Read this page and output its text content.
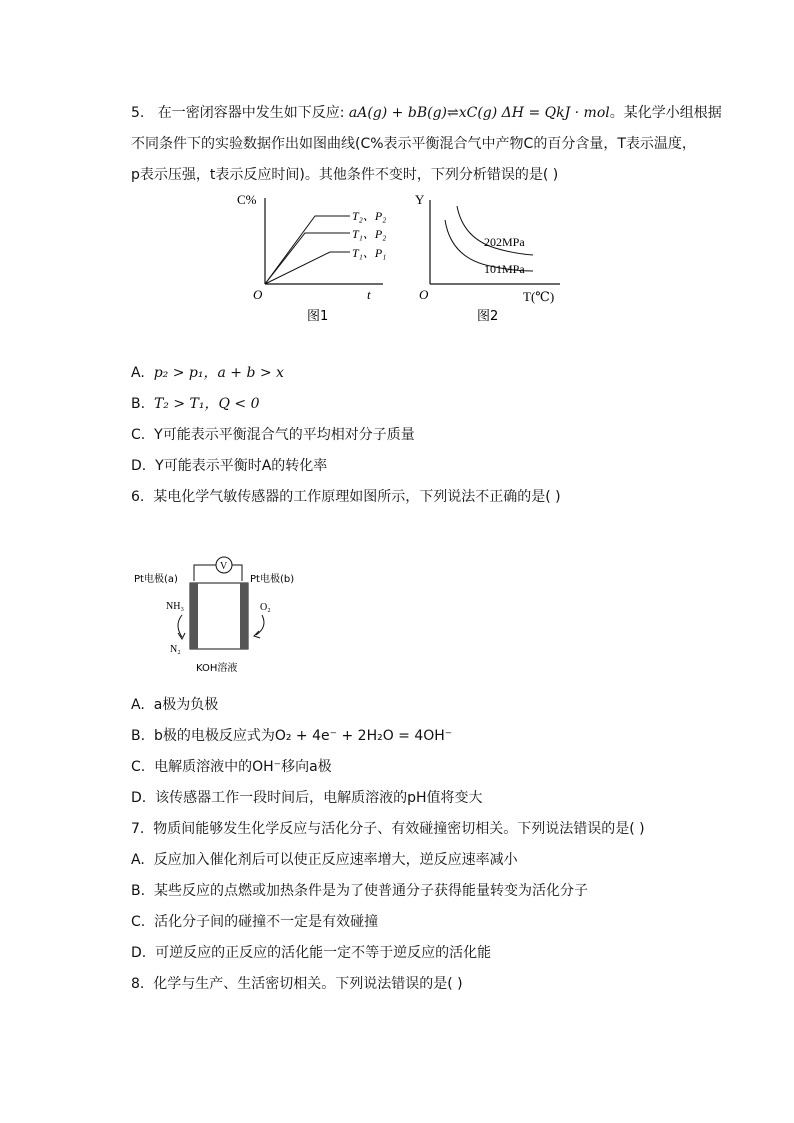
5. 在一密闭容器中发生如下反应: aA(g) + bB(g)⇌xC(g) ΔH = QkJ · mol。某化学小组根据
不同条件下的实验数据作出如图曲线(C%表示平衡混合气中产物C的百分含量，T表示温度，
p表示压强，t表示反应时间)。其他条件不变时，下列分析错误的是( )
C%
O	t
T₂、P₂
T₁、P₂
T₁、P₁
图1
Y
O	T(℃)
202MPa
101MPa
图2
A. p₂ > p₁，a + b > x
B. T₂ > T₁，Q < 0
C. Y可能表示平衡混合气的平均相对分子质量
D. Y可能表示平衡时A的转化率
6. 某电化学气敏传感器的工作原理如图所示，下列说法不正确的是( )
V
Pt电极(a)	Pt电极(b)
NH₃	O₂
N₂
KOH溶液
A. a极为负极
B. b极的电极反应式为O₂ + 4e⁻ + 2H₂O = 4OH⁻
C. 电解质溶液中的OH⁻移向a极
D. 该传感器工作一段时间后，电解质溶液的pH值将变大
7. 物质间能够发生化学反应与活化分子、有效碰撞密切相关。下列说法错误的是( )
A. 反应加入催化剂后可以使正反应速率增大，逆反应速率减小
B. 某些反应的点燃或加热条件是为了使普通分子获得能量转变为活化分子
C. 活化分子间的碰撞不一定是有效碰撞
D. 可逆反应的正反应的活化能一定不等于逆反应的活化能
8. 化学与生产、生活密切相关。下列说法错误的是( )
